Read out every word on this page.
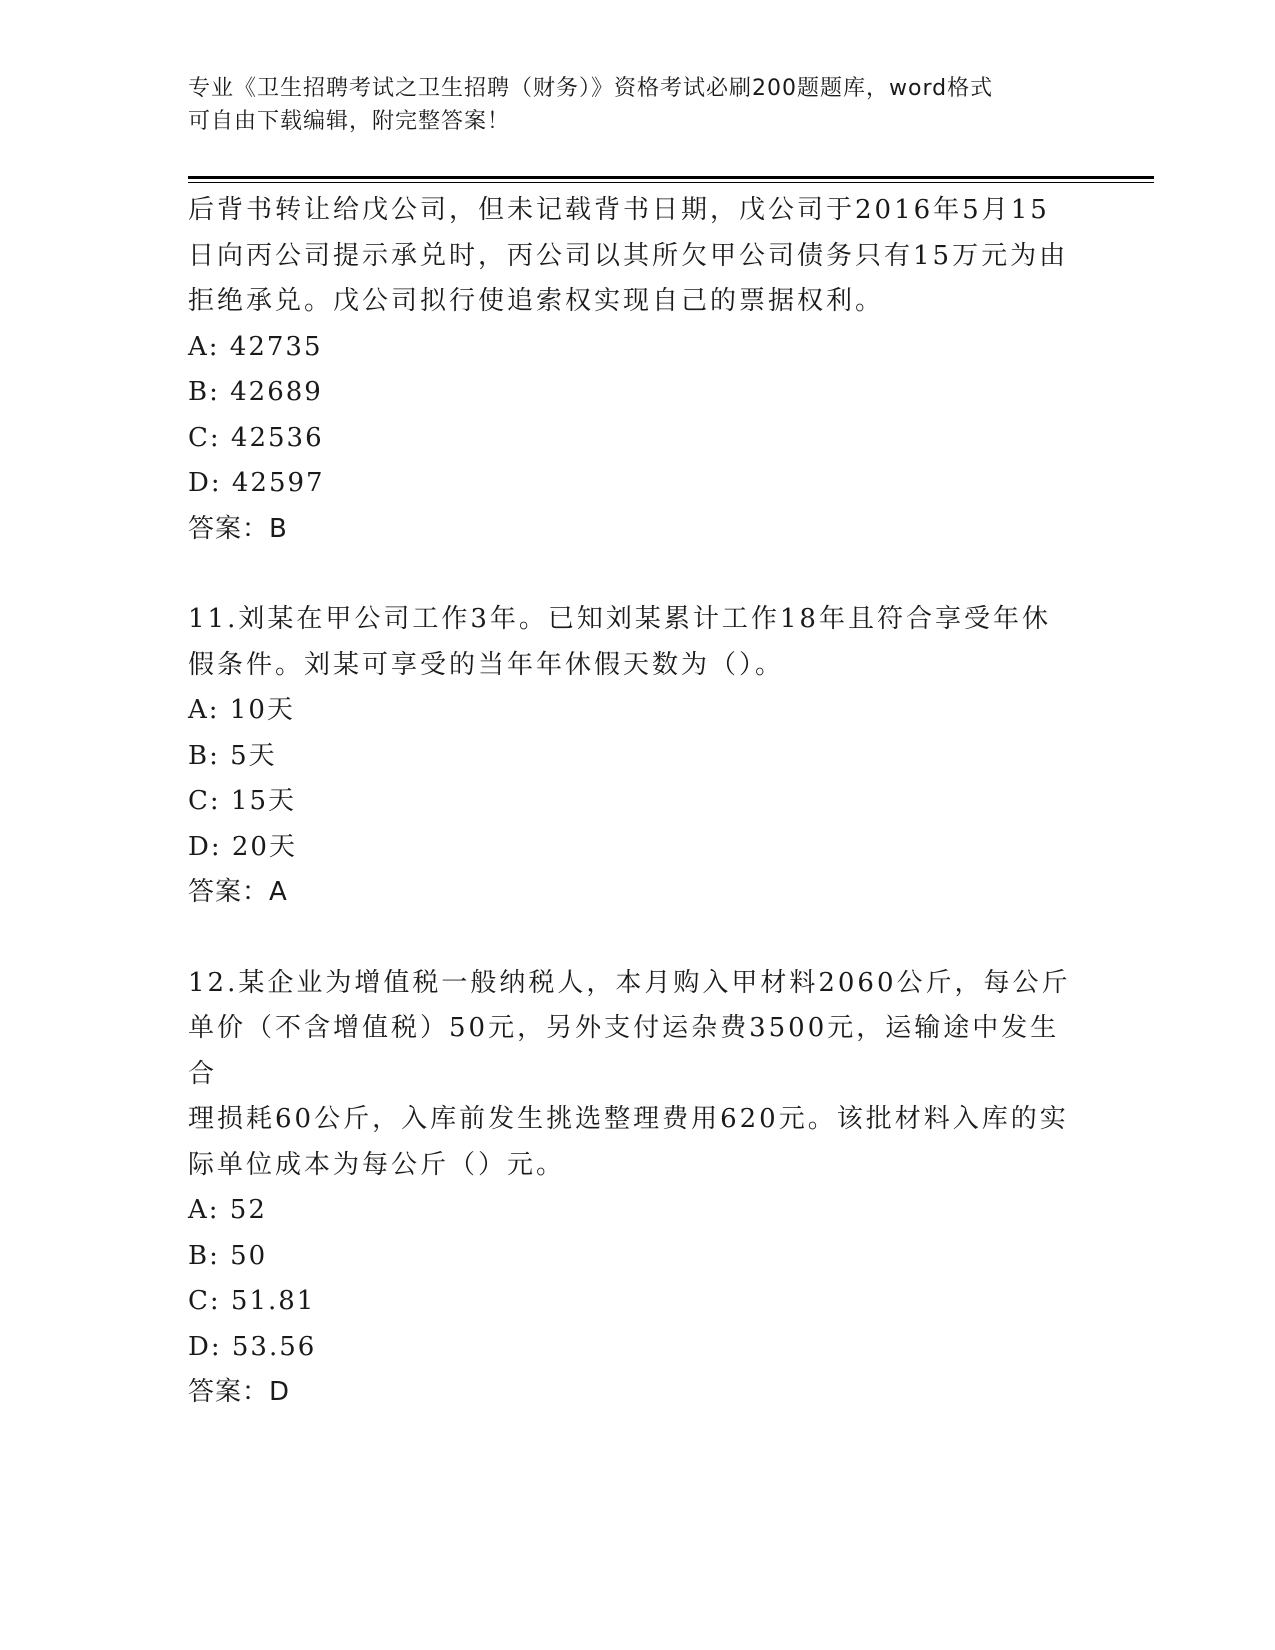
专业《卫生招聘考试之卫生招聘（财务）》资格考试必刷200题题库，word格式
可自由下载编辑，附完整答案！
后背书转让给戊公司，但未记载背书日期，戊公司于2016年5月15
日向丙公司提示承兑时，丙公司以其所欠甲公司债务只有15万元为由
拒绝承兑。戊公司拟行使追索权实现自己的票据权利。
A: 42735
B: 42689
C: 42536
D: 42597
答案：B
11.刘某在甲公司工作3年。已知刘某累计工作18年且符合享受年休
假条件。刘某可享受的当年年休假天数为（）。
A: 10天
B: 5天
C: 15天
D: 20天
答案：A
12.某企业为增值税一般纳税人，本月购入甲材料2060公斤，每公斤
单价（不含增值税）50元，另外支付运杂费3500元，运输途中发生合
理损耗60公斤，入库前发生挑选整理费用620元。该批材料入库的实
际单位成本为每公斤（）元。
A: 52
B: 50
C: 51.81
D: 53.56
答案：D
